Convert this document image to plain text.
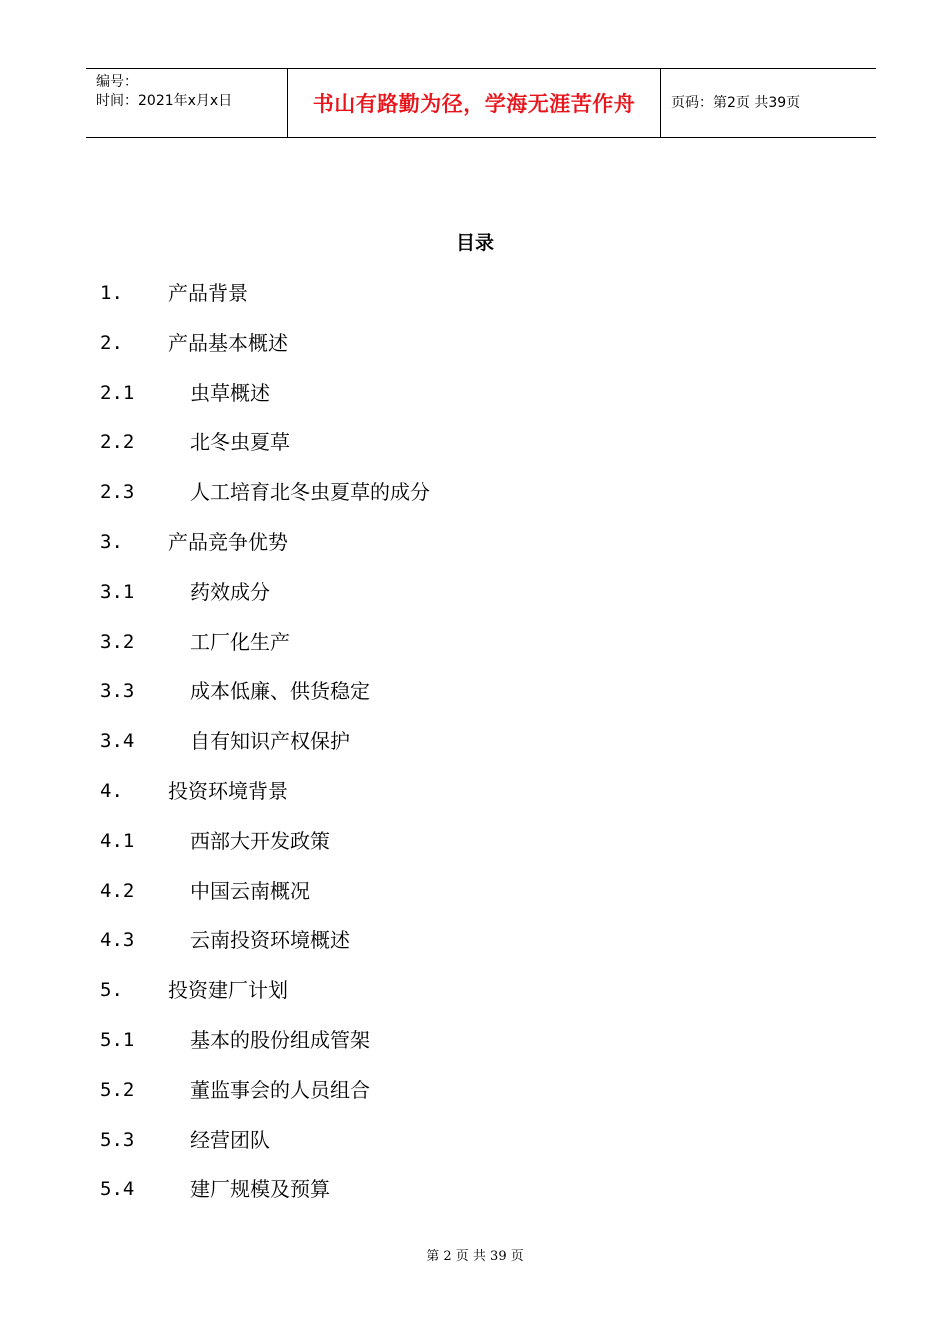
编号：
时间：2021年x月x日	书山有路勤为径，学海无涯苦作舟	页码：第2页 共39页
目录
1. 产品背景
2. 产品基本概述
2.1	虫草概述
2.2	北冬虫夏草
2.3	人工培育北冬虫夏草的成分
3. 产品竞争优势
3.1	药效成分
3.2	工厂化生产
3.3	成本低廉、供货稳定
3.4	自有知识产权保护
4. 投资环境背景
4.1	西部大开发政策
4.2	中国云南概况
4.3	云南投资环境概述
5. 投资建厂计划
5.1	基本的股份组成管架
5.2	董监事会的人员组合
5.3	经营团队
5.4	建厂规模及预算
第 2 页 共 39 页
